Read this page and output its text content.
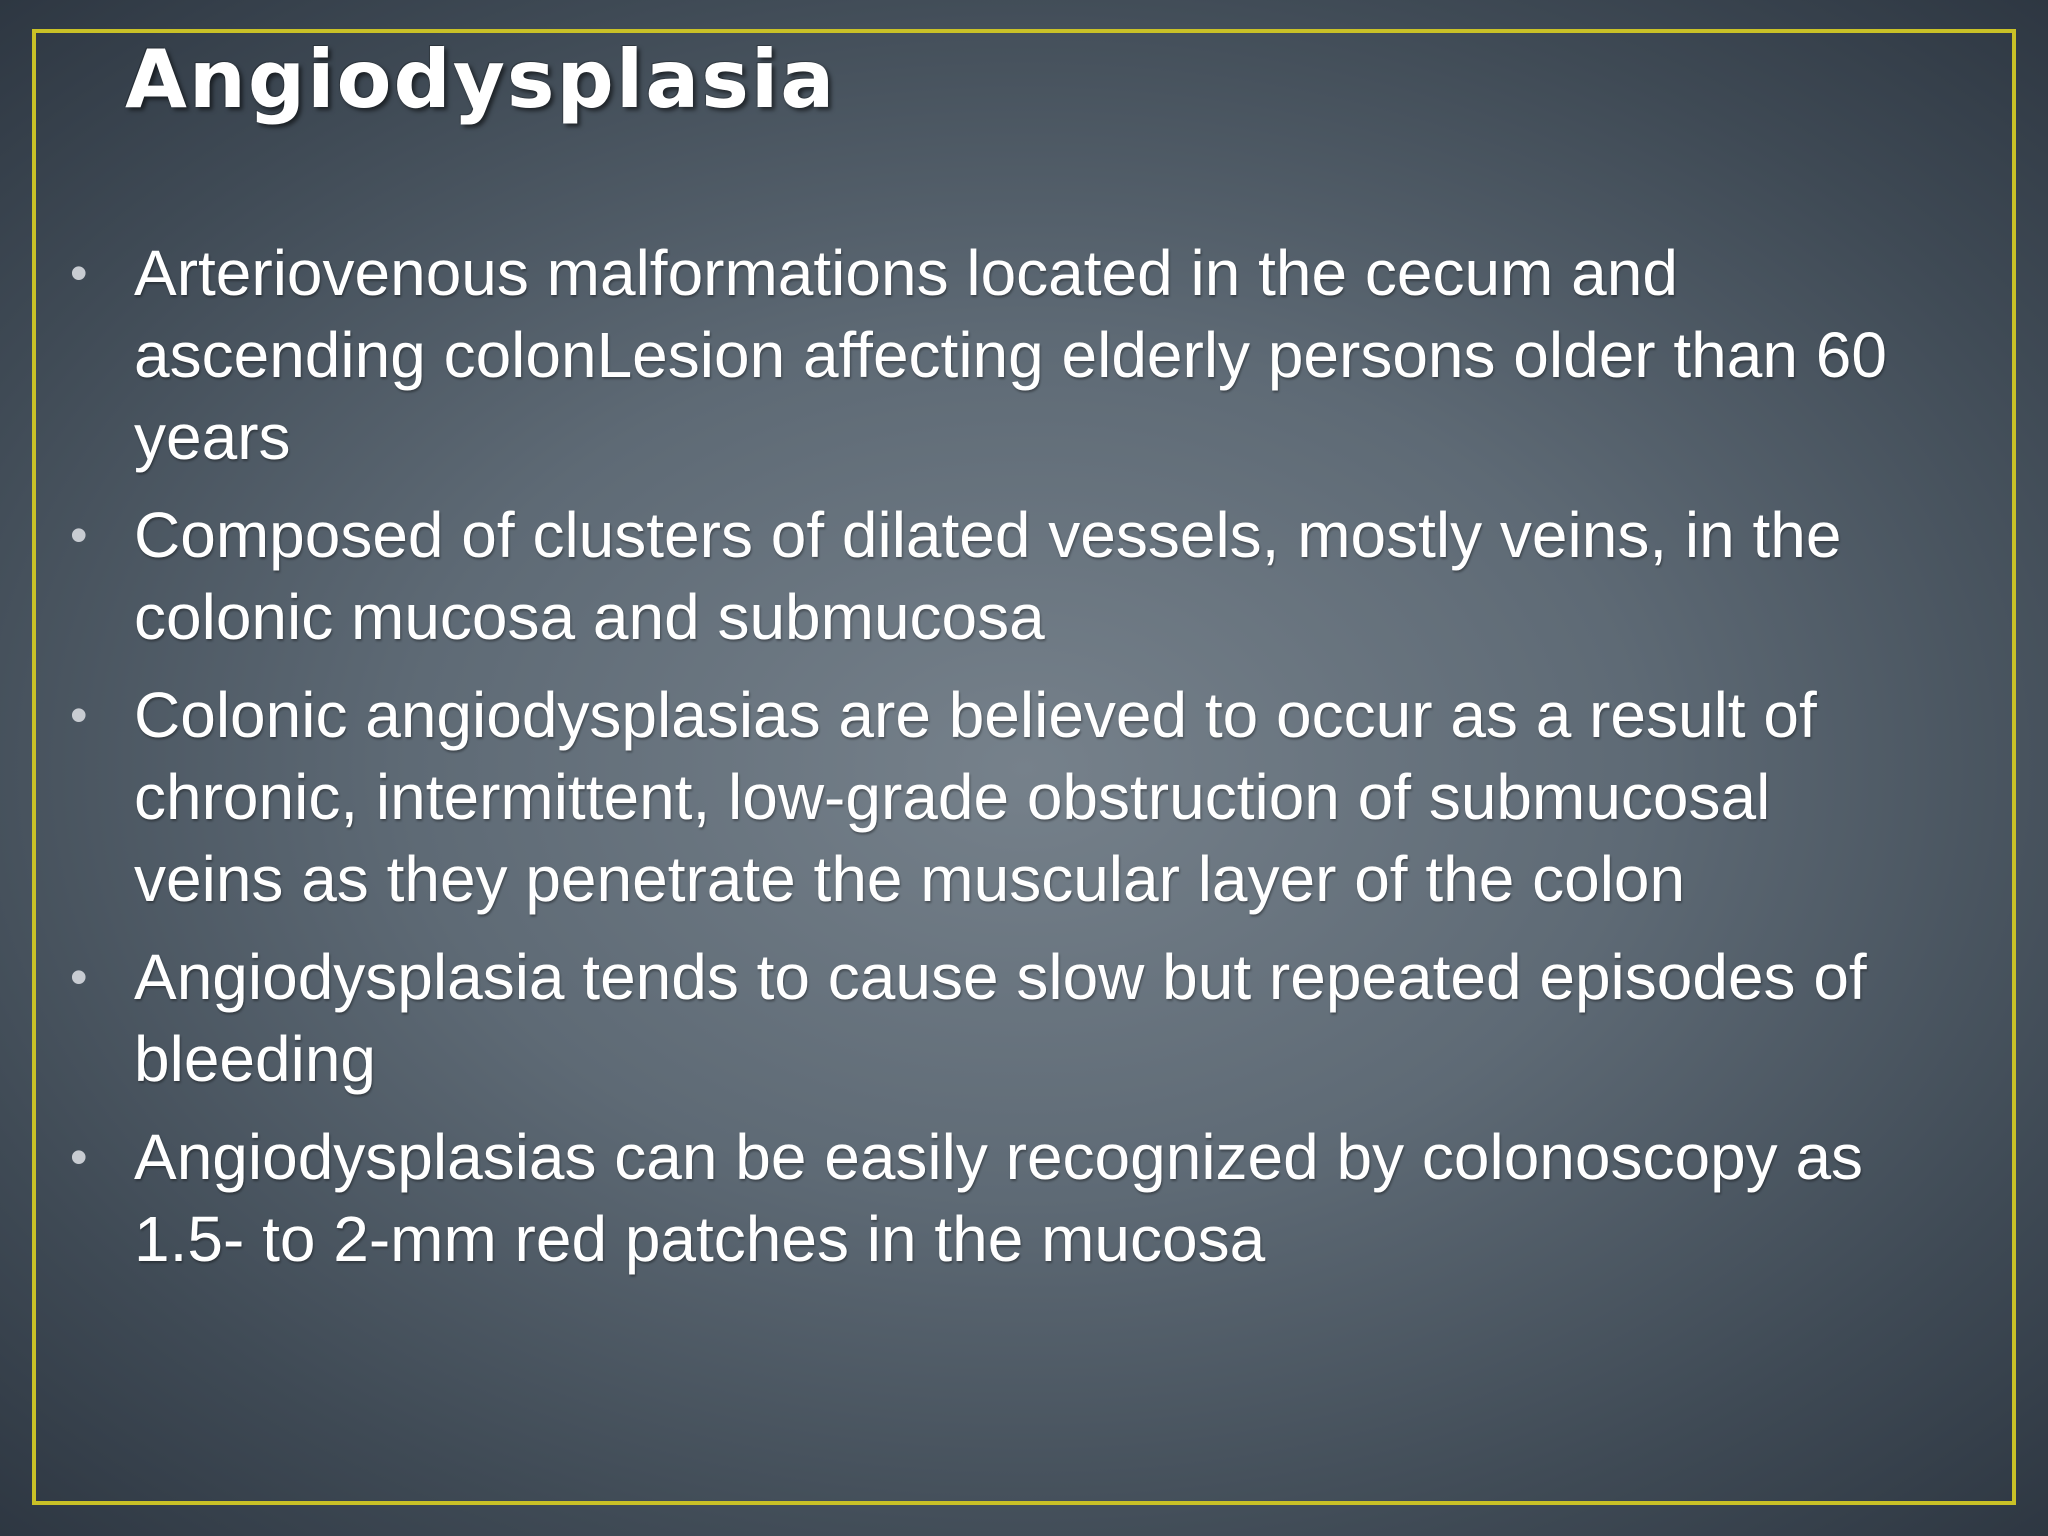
Angiodysplasia
• Arteriovenous malformations located in the cecum and ascending colonLesion affecting elderly persons older than 60 years
• Composed of clusters of dilated vessels, mostly veins, in the colonic mucosa and submucosa
• Colonic angiodysplasias are believed to occur as a result of chronic, intermittent, low-grade obstruction of submucosal veins as they penetrate the muscular layer of the colon
• Angiodysplasia tends to cause slow but repeated episodes of bleeding
• Angiodysplasias can be easily recognized by colonoscopy as 1.5- to 2-mm red patches in the mucosa
